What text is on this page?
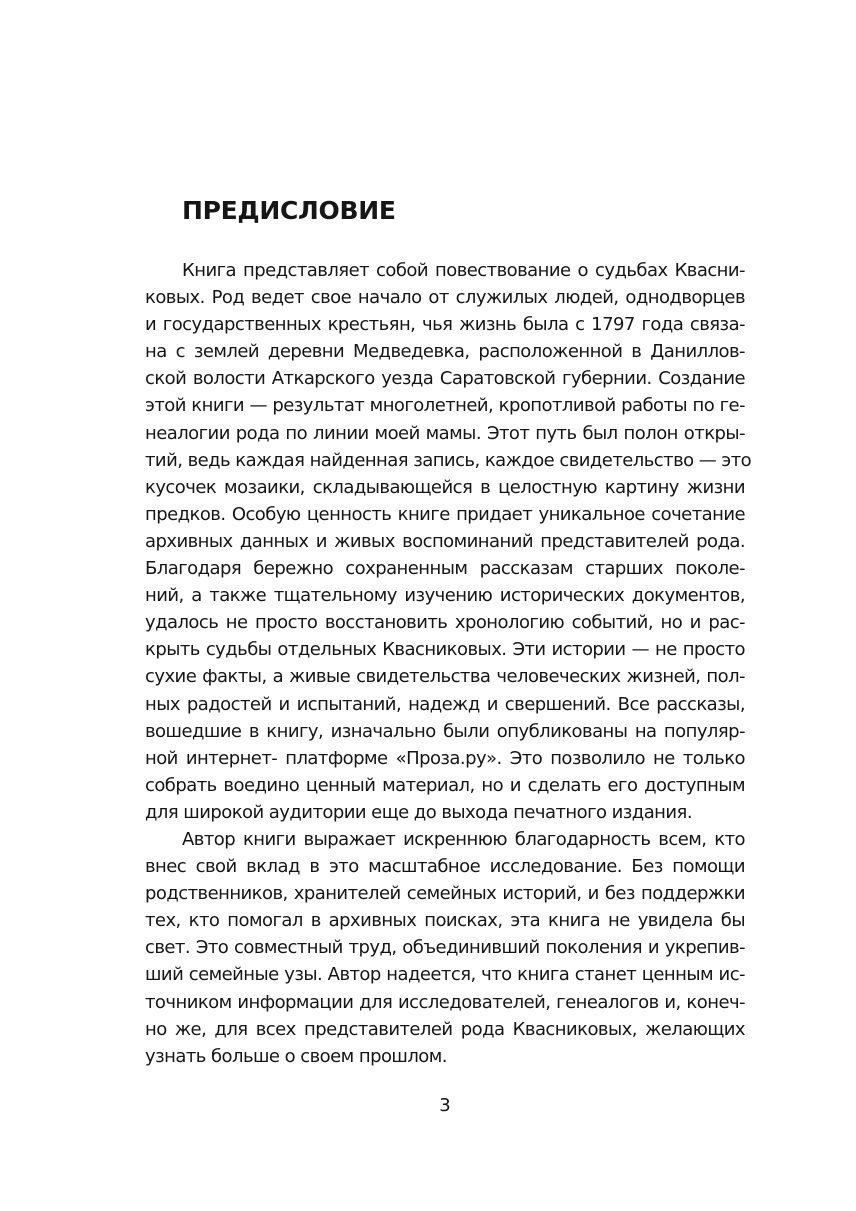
ПРЕДИСЛОВИЕ
Книга представляет собой повествование о судьбах Квасни-
ковых. Род ведет свое начало от служилых людей, однодворцев
и государственных крестьян, чья жизнь была с 1797 года связа-
на с землей деревни Медведевка, расположенной в Даниллов-
ской волости Аткарского уезда Саратовской губернии. Создание
этой книги — результат многолетней, кропотливой работы по ге-
неалогии рода по линии моей мамы. Этот путь был полон откры-
тий, ведь каждая найденная запись, каждое свидетельство — это
кусочек мозаики, складывающейся в целостную картину жизни
предков. Особую ценность книге придает уникальное сочетание
архивных данных и живых воспоминаний представителей рода.
Благодаря бережно сохраненным рассказам старших поколе-
ний, а также тщательному изучению исторических документов,
удалось не просто восстановить хронологию событий, но и рас-
крыть судьбы отдельных Квасниковых. Эти истории — не просто
сухие факты, а живые свидетельства человеческих жизней, пол-
ных радостей и испытаний, надежд и свершений. Все рассказы,
вошедшие в книгу, изначально были опубликованы на популяр-
ной интернет- платформе «Проза.ру». Это позволило не только
собрать воедино ценный материал, но и сделать его доступным
для широкой аудитории еще до выхода печатного издания.
Автор книги выражает искреннюю благодарность всем, кто
внес свой вклад в это масштабное исследование. Без помощи
родственников, хранителей семейных историй, и без поддержки
тех, кто помогал в архивных поисках, эта книга не увидела бы
свет. Это совместный труд, объединивший поколения и укрепив-
ший семейные узы. Автор надеется, что книга станет ценным ис-
точником информации для исследователей, генеалогов и, конеч-
но же, для всех представителей рода Квасниковых, желающих
узнать больше о своем прошлом.
3
